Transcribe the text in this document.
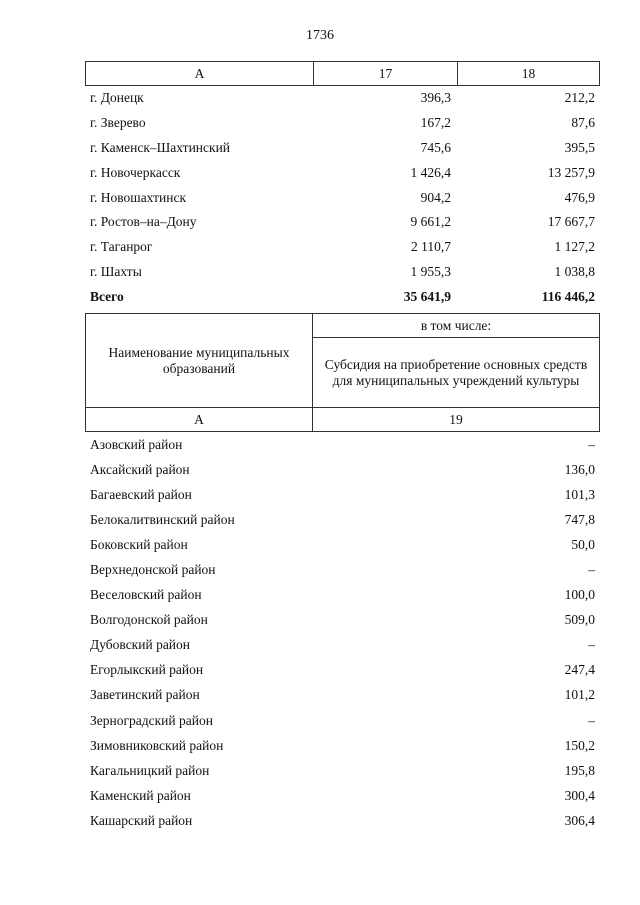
1736
А	17	18
г. Донецк	396,3	212,2
г. Зверево	167,2	87,6
г. Каменск–Шахтинский	745,6	395,5
г. Новочеркасск	1 426,4	13 257,9
г. Новошахтинск	904,2	476,9
г. Ростов–на–Дону	9 661,2	17 667,7
г. Таганрог	2 110,7	1 127,2
г. Шахты	1 955,3	1 038,8
Всего	35 641,9	116 446,2
Наименование муниципальных образований
в том числе:
Субсидия на приобретение основных средств для муниципальных учреждений культуры
А	19
Азовский район	–
Аксайский район	136,0
Багаевский район	101,3
Белокалитвинский район	747,8
Боковский район	50,0
Верхнедонской район	–
Веселовский район	100,0
Волгодонской район	509,0
Дубовский район	–
Егорлыкский район	247,4
Заветинский район	101,2
Зерноградский район	–
Зимовниковский район	150,2
Кагальницкий район	195,8
Каменский район	300,4
Кашарский район	306,4
